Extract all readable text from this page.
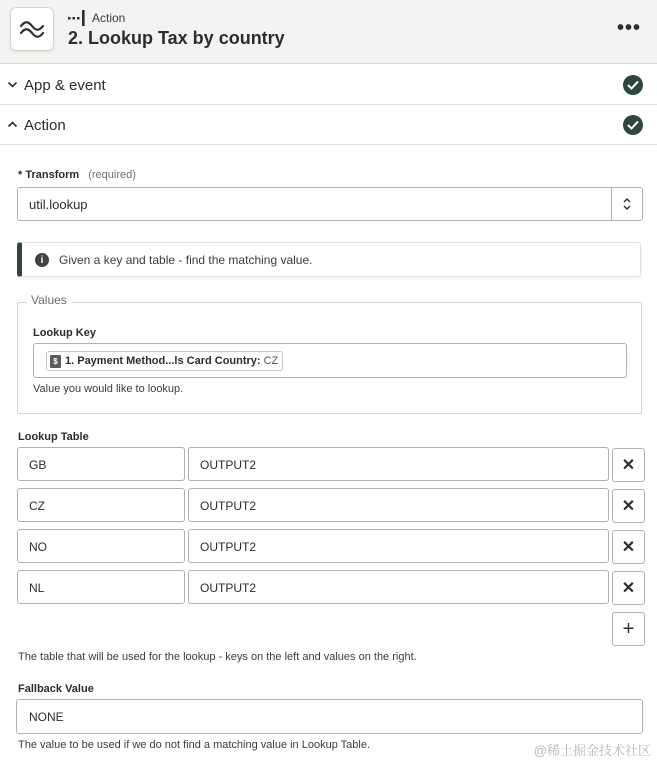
Action
2. Lookup Tax by country	•••
App & event
Action
* Transform (required)
util.lookup
i	Given a key and table - find the matching value.
Values
Lookup Key
$ 1. Payment Method...ls Card Country: CZ
Value you would like to lookup.
Lookup Table
GB	OUTPUT2	✕
CZ	OUTPUT2	✕
NO	OUTPUT2	✕
NL	OUTPUT2	✕
+
The table that will be used for the lookup - keys on the left and values on the right.
Fallback Value
NONE
The value to be used if we do not find a matching value in Lookup Table.	@稀土掘金技术社区
